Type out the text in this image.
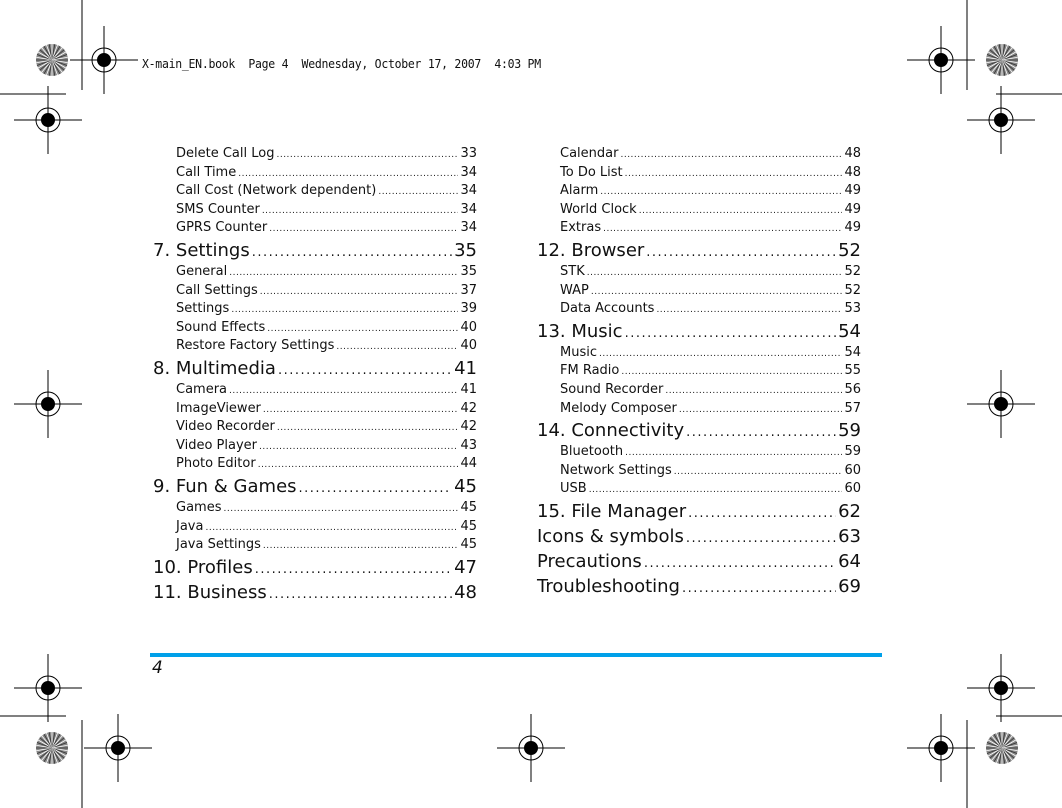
X-main_EN.book  Page 4  Wednesday, October 17, 2007  4:03 PM
Delete Call Log .....	33
Call Time .....	34
Call Cost (Network dependent) .....	34
SMS Counter .....	34
GPRS Counter .....	34
7. Settings .....	35
General .....	35
Call Settings .....	37
Settings .....	39
Sound Effects .....	40
Restore Factory Settings .....	40
8. Multimedia .....	41
Camera .....	41
ImageViewer .....	42
Video Recorder .....	42
Video Player .....	43
Photo Editor .....	44
9. Fun & Games .....	45
Games .....	45
Java .....	45
Java Settings .....	45
10. Profiles .....	47
11. Business .....	48
Calendar .....	48
To Do List .....	48
Alarm .....	49
World Clock .....	49
Extras .....	49
12. Browser .....	52
STK .....	52
WAP .....	52
Data Accounts .....	53
13. Music .....	54
Music .....	54
FM Radio .....	55
Sound Recorder .....	56
Melody Composer .....	57
14. Connectivity .....	59
Bluetooth .....	59
Network Settings .....	60
USB .....	60
15. File Manager .....	62
Icons & symbols .....	63
Precautions .....	64
Troubleshooting .....	69
4
